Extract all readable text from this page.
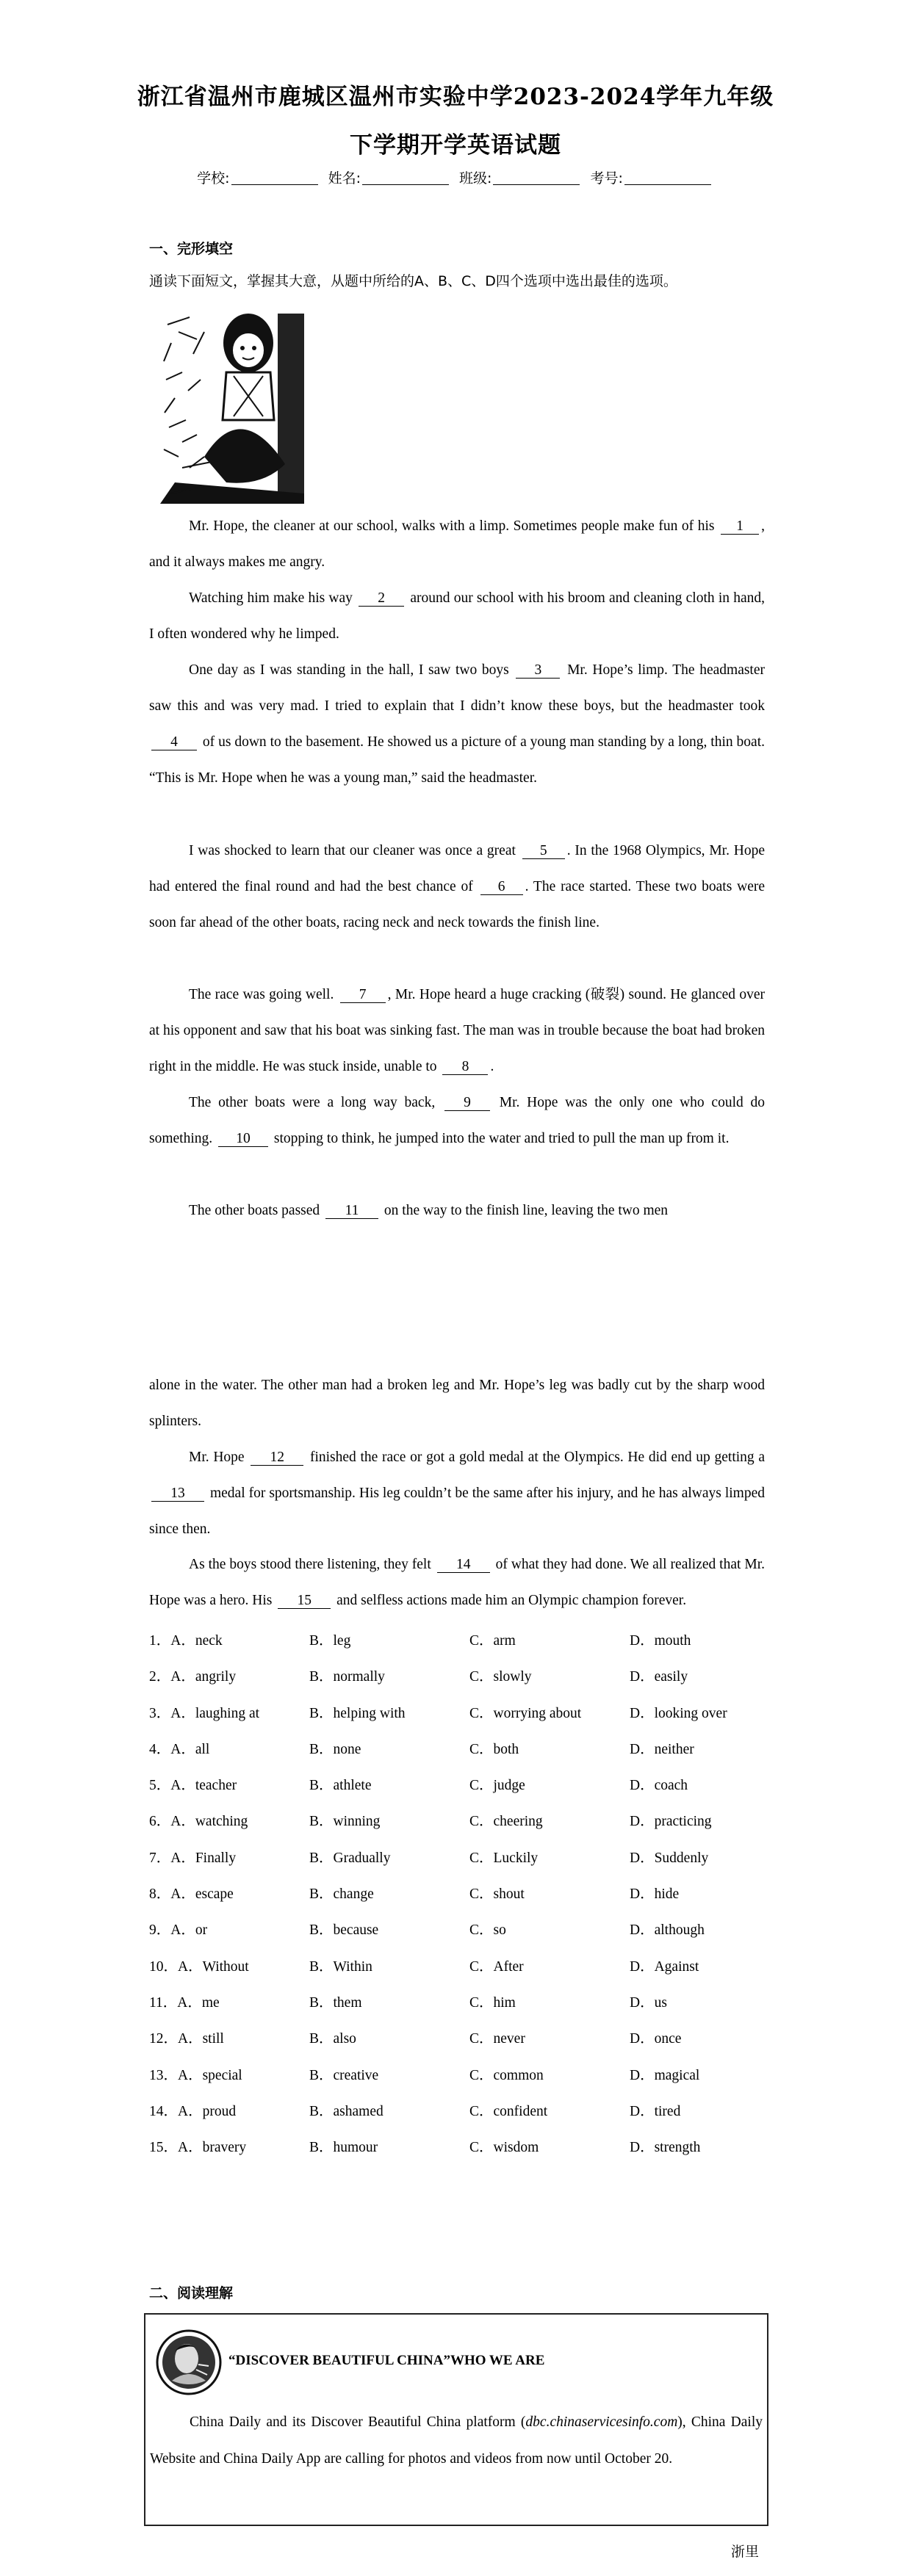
浙江省温州市鹿城区温州市实验中学2023-2024学年九年级
下学期开学英语试题
学校:	姓名:	班级:	考号:
一、完形填空
通读下面短文，掌握其大意，从题中所给的A、B、C、D四个选项中选出最佳的选项。
Mr. Hope, the cleaner at our school, walks with a limp. Sometimes people make fun of his 1 , and it always makes me angry.
Watching him make his way 2 around our school with his broom and cleaning cloth in hand, I often wondered why he limped.
One day as I was standing in the hall, I saw two boys 3 Mr. Hope’s limp. The headmaster saw this and was very mad. I tried to explain that I didn’t know these boys, but the headmaster took 4 of us down to the basement. He showed us a picture of a young man standing by a long, thin boat. “This is Mr. Hope when he was a young man,” said the headmaster.
I was shocked to learn that our cleaner was once a great 5 . In the 1968 Olympics, Mr. Hope had entered the final round and had the best chance of 6 . The race started. These two boats were soon far ahead of the other boats, racing neck and neck towards the finish line.
The race was going well. 7 , Mr. Hope heard a huge cracking (破裂) sound. He glanced over at his opponent and saw that his boat was sinking fast. The man was in trouble because the boat had broken right in the middle. He was stuck inside, unable to 8 .
The other boats were a long way back, 9 Mr. Hope was the only one who could do something. 10 stopping to think, he jumped into the water and tried to pull the man up from it.
The other boats passed 11 on the way to the finish line, leaving the two men
alone in the water. The other man had a broken leg and Mr. Hope’s leg was badly cut by the sharp wood splinters.
Mr. Hope 12 finished the race or got a gold medal at the Olympics. He did end up getting a 13 medal for sportsmanship. His leg couldn’t be the same after his injury, and he has always limped since then.
As the boys stood there listening, they felt 14 of what they had done. We all realized that Mr. Hope was a hero. His 15 and selfless actions made him an Olympic champion forever.
1．A．neck	B．leg	C．arm	D．mouth
2．A．angrily	B．normally	C．slowly	D．easily
3．A．laughing at	B．helping with	C．worrying about	D．looking over
4．A．all	B．none	C．both	D．neither
5．A．teacher	B．athlete	C．judge	D．coach
6．A．watching	B．winning	C．cheering	D．practicing
7．A．Finally	B．Gradually	C．Luckily	D．Suddenly
8．A．escape	B．change	C．shout	D．hide
9．A．or	B．because	C．so	D．although
10．A．Without	B．Within	C．After	D．Against
11．A．me	B．them	C．him	D．us
12．A．still	B．also	C．never	D．once
13．A．special	B．creative	C．common	D．magical
14．A．proud	B．ashamed	C．confident	D．tired
15．A．bravery	B．humour	C．wisdom	D．strength
二、阅读理解
“DISCOVER BEAUTIFUL CHINA”WHO WE ARE
China Daily and its Discover Beautiful China platform (dbc.chinaservicesinfo.com), China Daily Website and China Daily App are calling for photos and videos from now until October 20.
浙里
